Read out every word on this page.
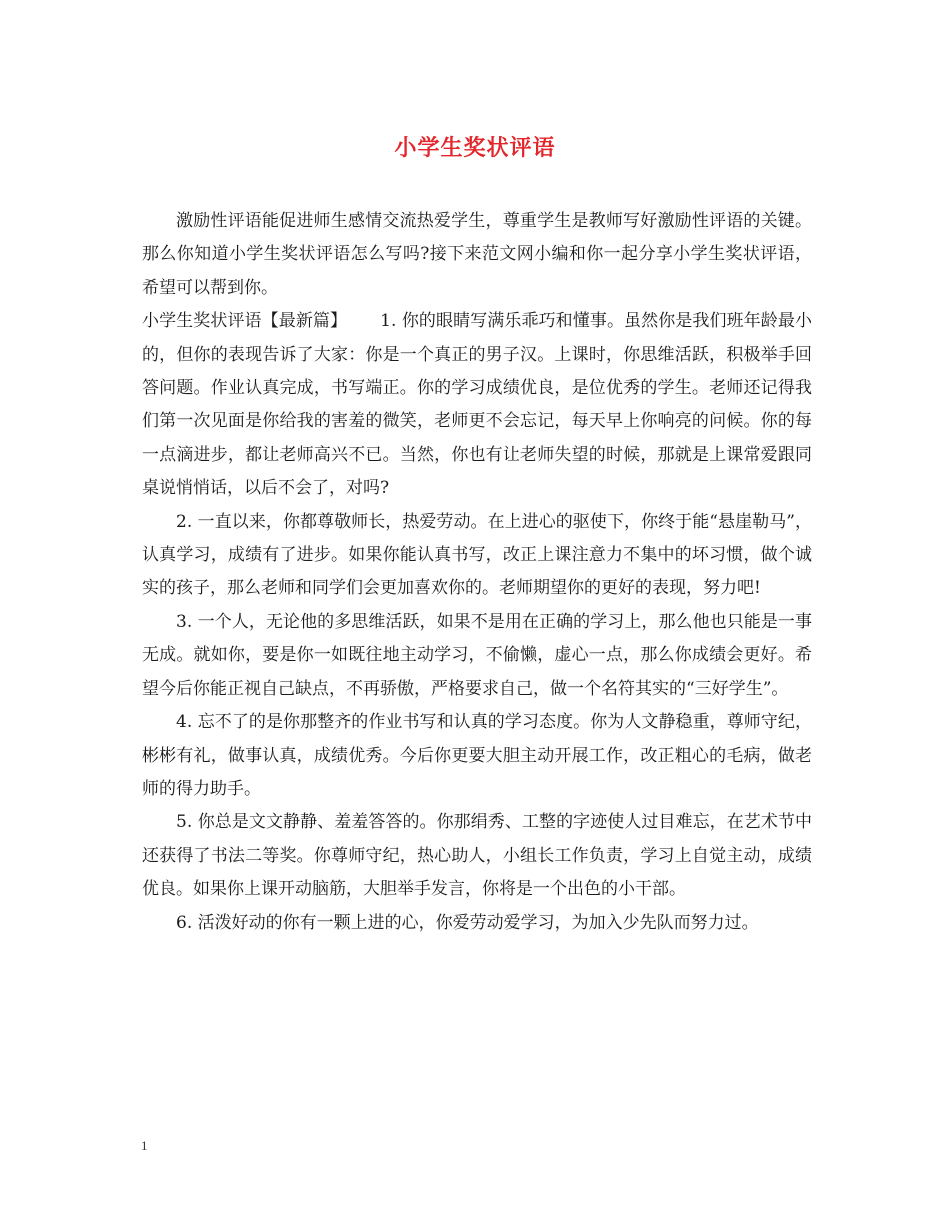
小学生奖状评语

激励性评语能促进师生感情交流热爱学生，尊重学生是教师写好激励性评语的关键。那么你知道小学生奖状评语怎么写吗?接下来范文网小编和你一起分享小学生奖状评语，希望可以帮到你。

小学生奖状评语【最新篇】 1. 你的眼睛写满乐乖巧和懂事。虽然你是我们班年龄最小的，但你的表现告诉了大家：你是一个真正的男子汉。上课时，你思维活跃，积极举手回答问题。作业认真完成，书写端正。你的学习成绩优良，是位优秀的学生。老师还记得我们第一次见面是你给我的害羞的微笑，老师更不会忘记，每天早上你响亮的问候。你的每一点滴进步，都让老师高兴不已。当然，你也有让老师失望的时候，那就是上课常爱跟同桌说悄悄话，以后不会了，对吗?

2. 一直以来，你都尊敬师长，热爱劳动。在上进心的驱使下，你终于能“悬崖勒马”，认真学习，成绩有了进步。如果你能认真书写，改正上课注意力不集中的坏习惯，做个诚实的孩子，那么老师和同学们会更加喜欢你的。老师期望你的更好的表现，努力吧!

3. 一个人，无论他的多思维活跃，如果不是用在正确的学习上，那么他也只能是一事无成。就如你，要是你一如既往地主动学习，不偷懒，虚心一点，那么你成绩会更好。希望今后你能正视自己缺点，不再骄傲，严格要求自己，做一个名符其实的“三好学生”。

4. 忘不了的是你那整齐的作业书写和认真的学习态度。你为人文静稳重，尊师守纪，彬彬有礼，做事认真，成绩优秀。今后你更要大胆主动开展工作，改正粗心的毛病，做老师的得力助手。

5. 你总是文文静静、羞羞答答的。你那绢秀、工整的字迹使人过目难忘，在艺术节中还获得了书法二等奖。你尊师守纪，热心助人，小组长工作负责，学习上自觉主动，成绩优良。如果你上课开动脑筋，大胆举手发言，你将是一个出色的小干部。

6. 活泼好动的你有一颗上进的心，你爱劳动爱学习，为加入少先队而努力过。

1
